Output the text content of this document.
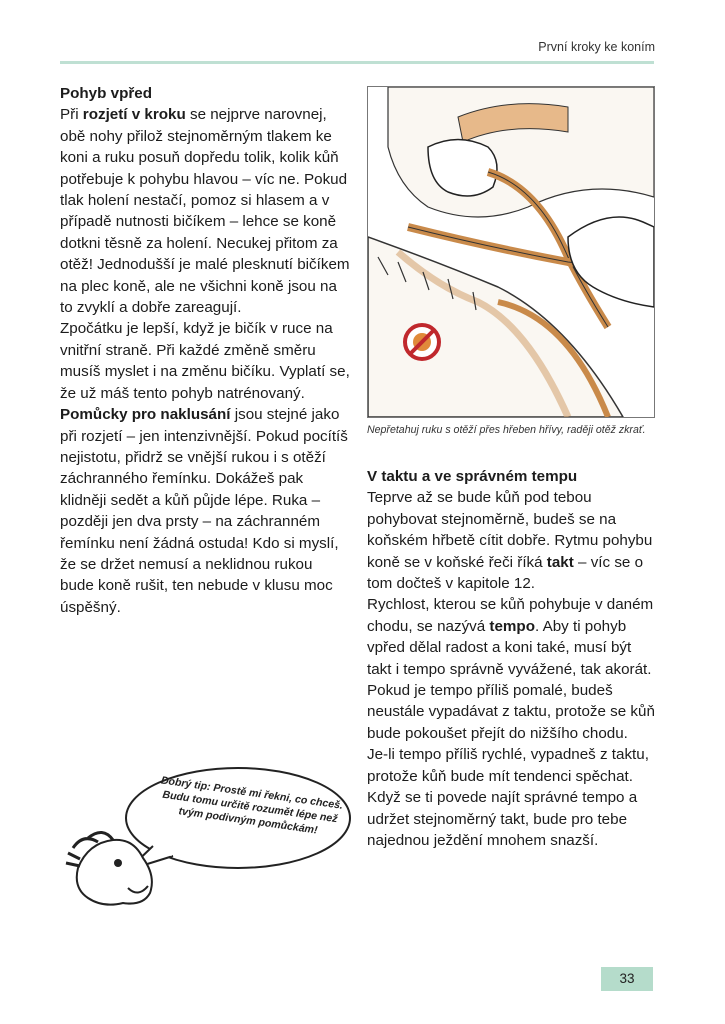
První kroky ke koním

Pohyb vpřed

Při rozjetí v kroku se nejprve narovnej, obě nohy přilož stejnoměrným tlakem ke koni a ruku posuň dopředu tolik, kolik kůň potřebuje k pohybu hlavou – víc ne. Pokud tlak holení nestačí, pomoz si hlasem a v případě nutnosti bičíkem – lehce se koně dotkni těsně za holení. Necukej přitom za otěž! Jednodušší je malé plesknutí bičíkem na plec koně, ale ne všichni koně jsou na to zvyklí a dobře zareagují.

Zpočátku je lepší, když je bičík v ruce na vnitřní straně. Při každé změně směru musíš myslet i na změnu bičíku. Vyplatí se, že už máš tento pohyb natrénovaný.

Pomůcky pro naklusání jsou stejné jako při rozjetí – jen intenzivnější. Pokud pocítíš nejistotu, přidrž se vnější rukou i s otěží záchranného řemínku. Dokážeš pak klidněji sedět a kůň půjde lépe. Ruka – později jen dva prsty – na záchranném řemínku není žádná ostuda! Kdo si myslí, že se držet nemusí a neklidnou rukou bude koně rušit, ten nebude v klusu moc úspěšný.

Nepřetahuj ruku s otěží přes hřeben hřívy, raději otěž zkrať.

V taktu a ve správném tempu

Teprve až se bude kůň pod tebou pohybovat stejnoměrně, budeš se na koňském hřbetě cítit dobře. Rytmu pohybu koně se v koňské řeči říká takt – víc se o tom dočteš v kapitole 12.

Rychlost, kterou se kůň pohybuje v daném chodu, se nazývá tempo. Aby ti pohyb vpřed dělal radost a koni také, musí být takt i tempo správně vyvážené, tak akorát.

Pokud je tempo příliš pomalé, budeš neustále vypadávat z taktu, protože se kůň bude pokoušet přejít do nižšího chodu.

Je-li tempo příliš rychlé, vypadneš z taktu, protože kůň bude mít tendenci spěchat.

Když se ti povede najít správné tempo a udržet stejnoměrný takt, bude pro tebe najednou ježdění mnohem snazší.

Dobrý tip: Prostě mi řekni, co chceš. Budu tomu určitě rozumět lépe než tvým podivným pomůckám!
33
